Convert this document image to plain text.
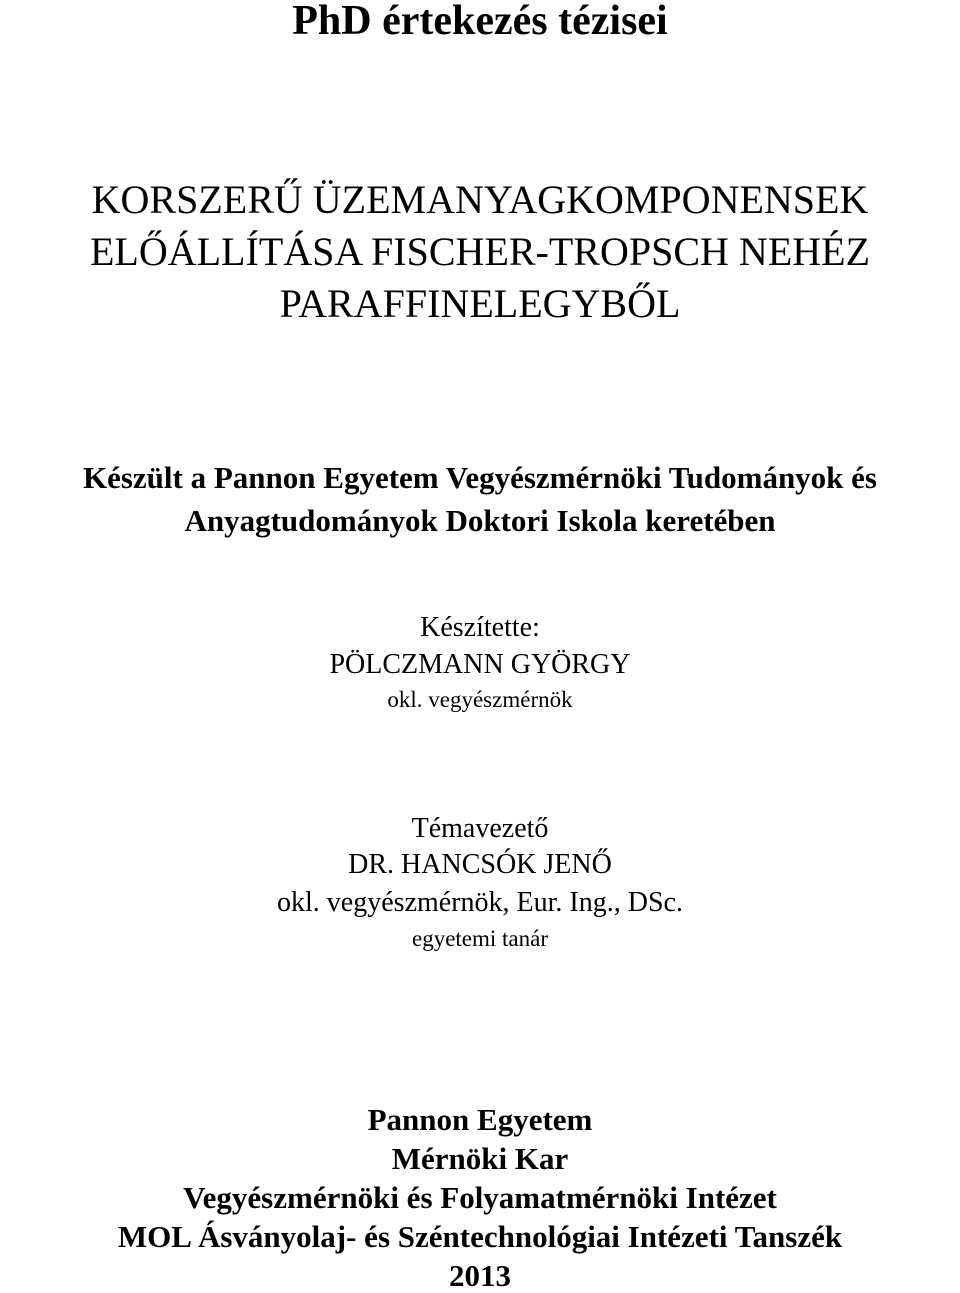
PhD értekezés tézisei
KORSZERŰ ÜZEMANYAGKOMPONENSEK
ELŐÁLLÍTÁSA FISCHER-TROPSCH NEHÉZ
PARAFFINELEGYBŐL
Készült a Pannon Egyetem Vegyészmérnöki Tudományok és
Anyagtudományok Doktori Iskola keretében
Készítette:
PÖLCZMANN GYÖRGY
okl. vegyészmérnök
Témavezető
DR. HANCSÓK JENŐ
okl. vegyészmérnök, Eur. Ing., DSc.
egyetemi tanár
Pannon Egyetem
Mérnöki Kar
Vegyészmérnöki és Folyamatmérnöki Intézet
MOL Ásványolaj- és Széntechnológiai Intézeti Tanszék
2013
